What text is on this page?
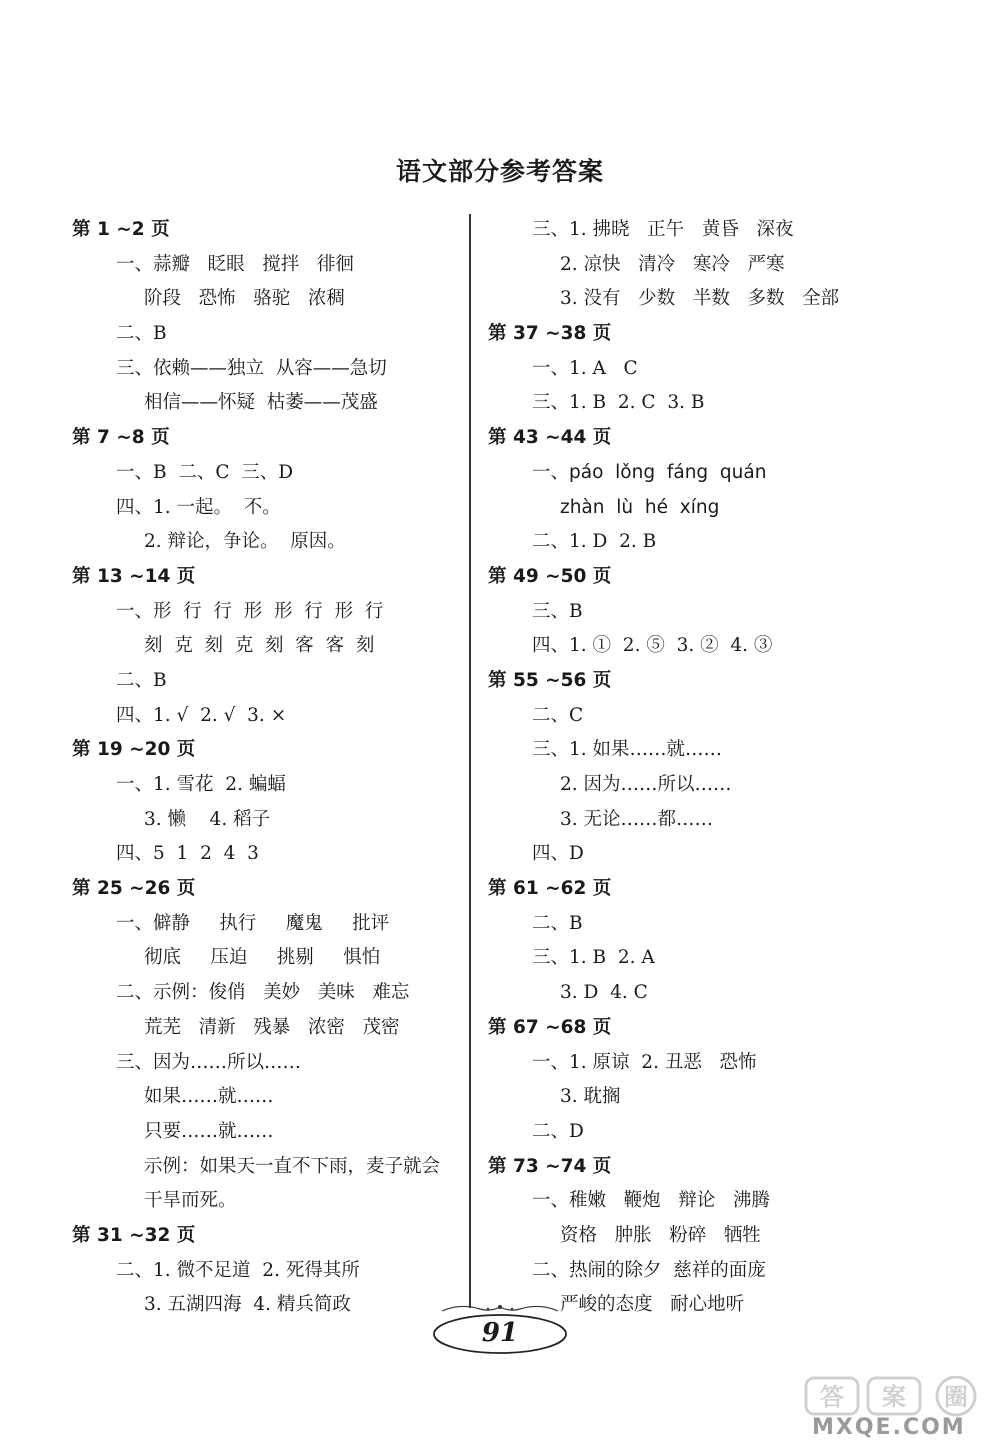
语文部分参考答案
第 1 ~2 页
一、蒜瓣   眨眼   搅拌   徘徊
阶段   恐怖   骆驼   浓稠
二、B
三、依赖——独立  从容——急切
相信——怀疑  枯萎——茂盛
第 7 ~8 页
一、B  二、C  三、D
四、1. 一起。  不。
2. 辩论，争论。  原因。
第 13 ~14 页
一、形  行  行  形  形  行  形  行
刻  克  刻  克  刻  客  客  刻
二、B
四、1. √  2. √  3. ×
第 19 ~20 页
一、1. 雪花  2. 蝙蝠
3. 懒    4. 稻子
四、5  1  2  4  3
第 25 ~26 页
一、僻静     执行     魔鬼     批评
彻底     压迫     挑剔     惧怕
二、示例：俊俏   美妙   美味   难忘
荒芜   清新   残暴   浓密   茂密
三、因为……所以……
如果……就……
只要……就……
示例：如果天一直不下雨，麦子就会
干旱而死。
第 31 ~32 页
二、1. 微不足道  2. 死得其所
3. 五湖四海  4. 精兵简政
三、1. 拂晓   正午   黄昏   深夜
2. 凉快   清冷   寒冷   严寒
3. 没有   少数   半数   多数   全部
第 37 ~38 页
一、1. A   C
三、1. B  2. C  3. B
第 43 ~44 页
一、páo  lǒng  fáng  quán
zhàn  lù  hé  xíng
二、1. D  2. B
第 49 ~50 页
三、B
四、1. ①  2. ⑤  3. ②  4. ③
第 55 ~56 页
二、C
三、1. 如果……就……
2. 因为……所以……
3. 无论……都……
四、D
第 61 ~62 页
二、B
三、1. B  2. A
3. D  4. C
第 67 ~68 页
一、1. 原谅  2. 丑恶   恐怖
3. 耽搁
二、D
第 73 ~74 页
一、稚嫩   鞭炮   辩论   沸腾
资格   肿胀   粉碎   牺牲
二、热闹的除夕  慈祥的面庞
严峻的态度   耐心地听
91
答 案 圈
MXQE.COM
